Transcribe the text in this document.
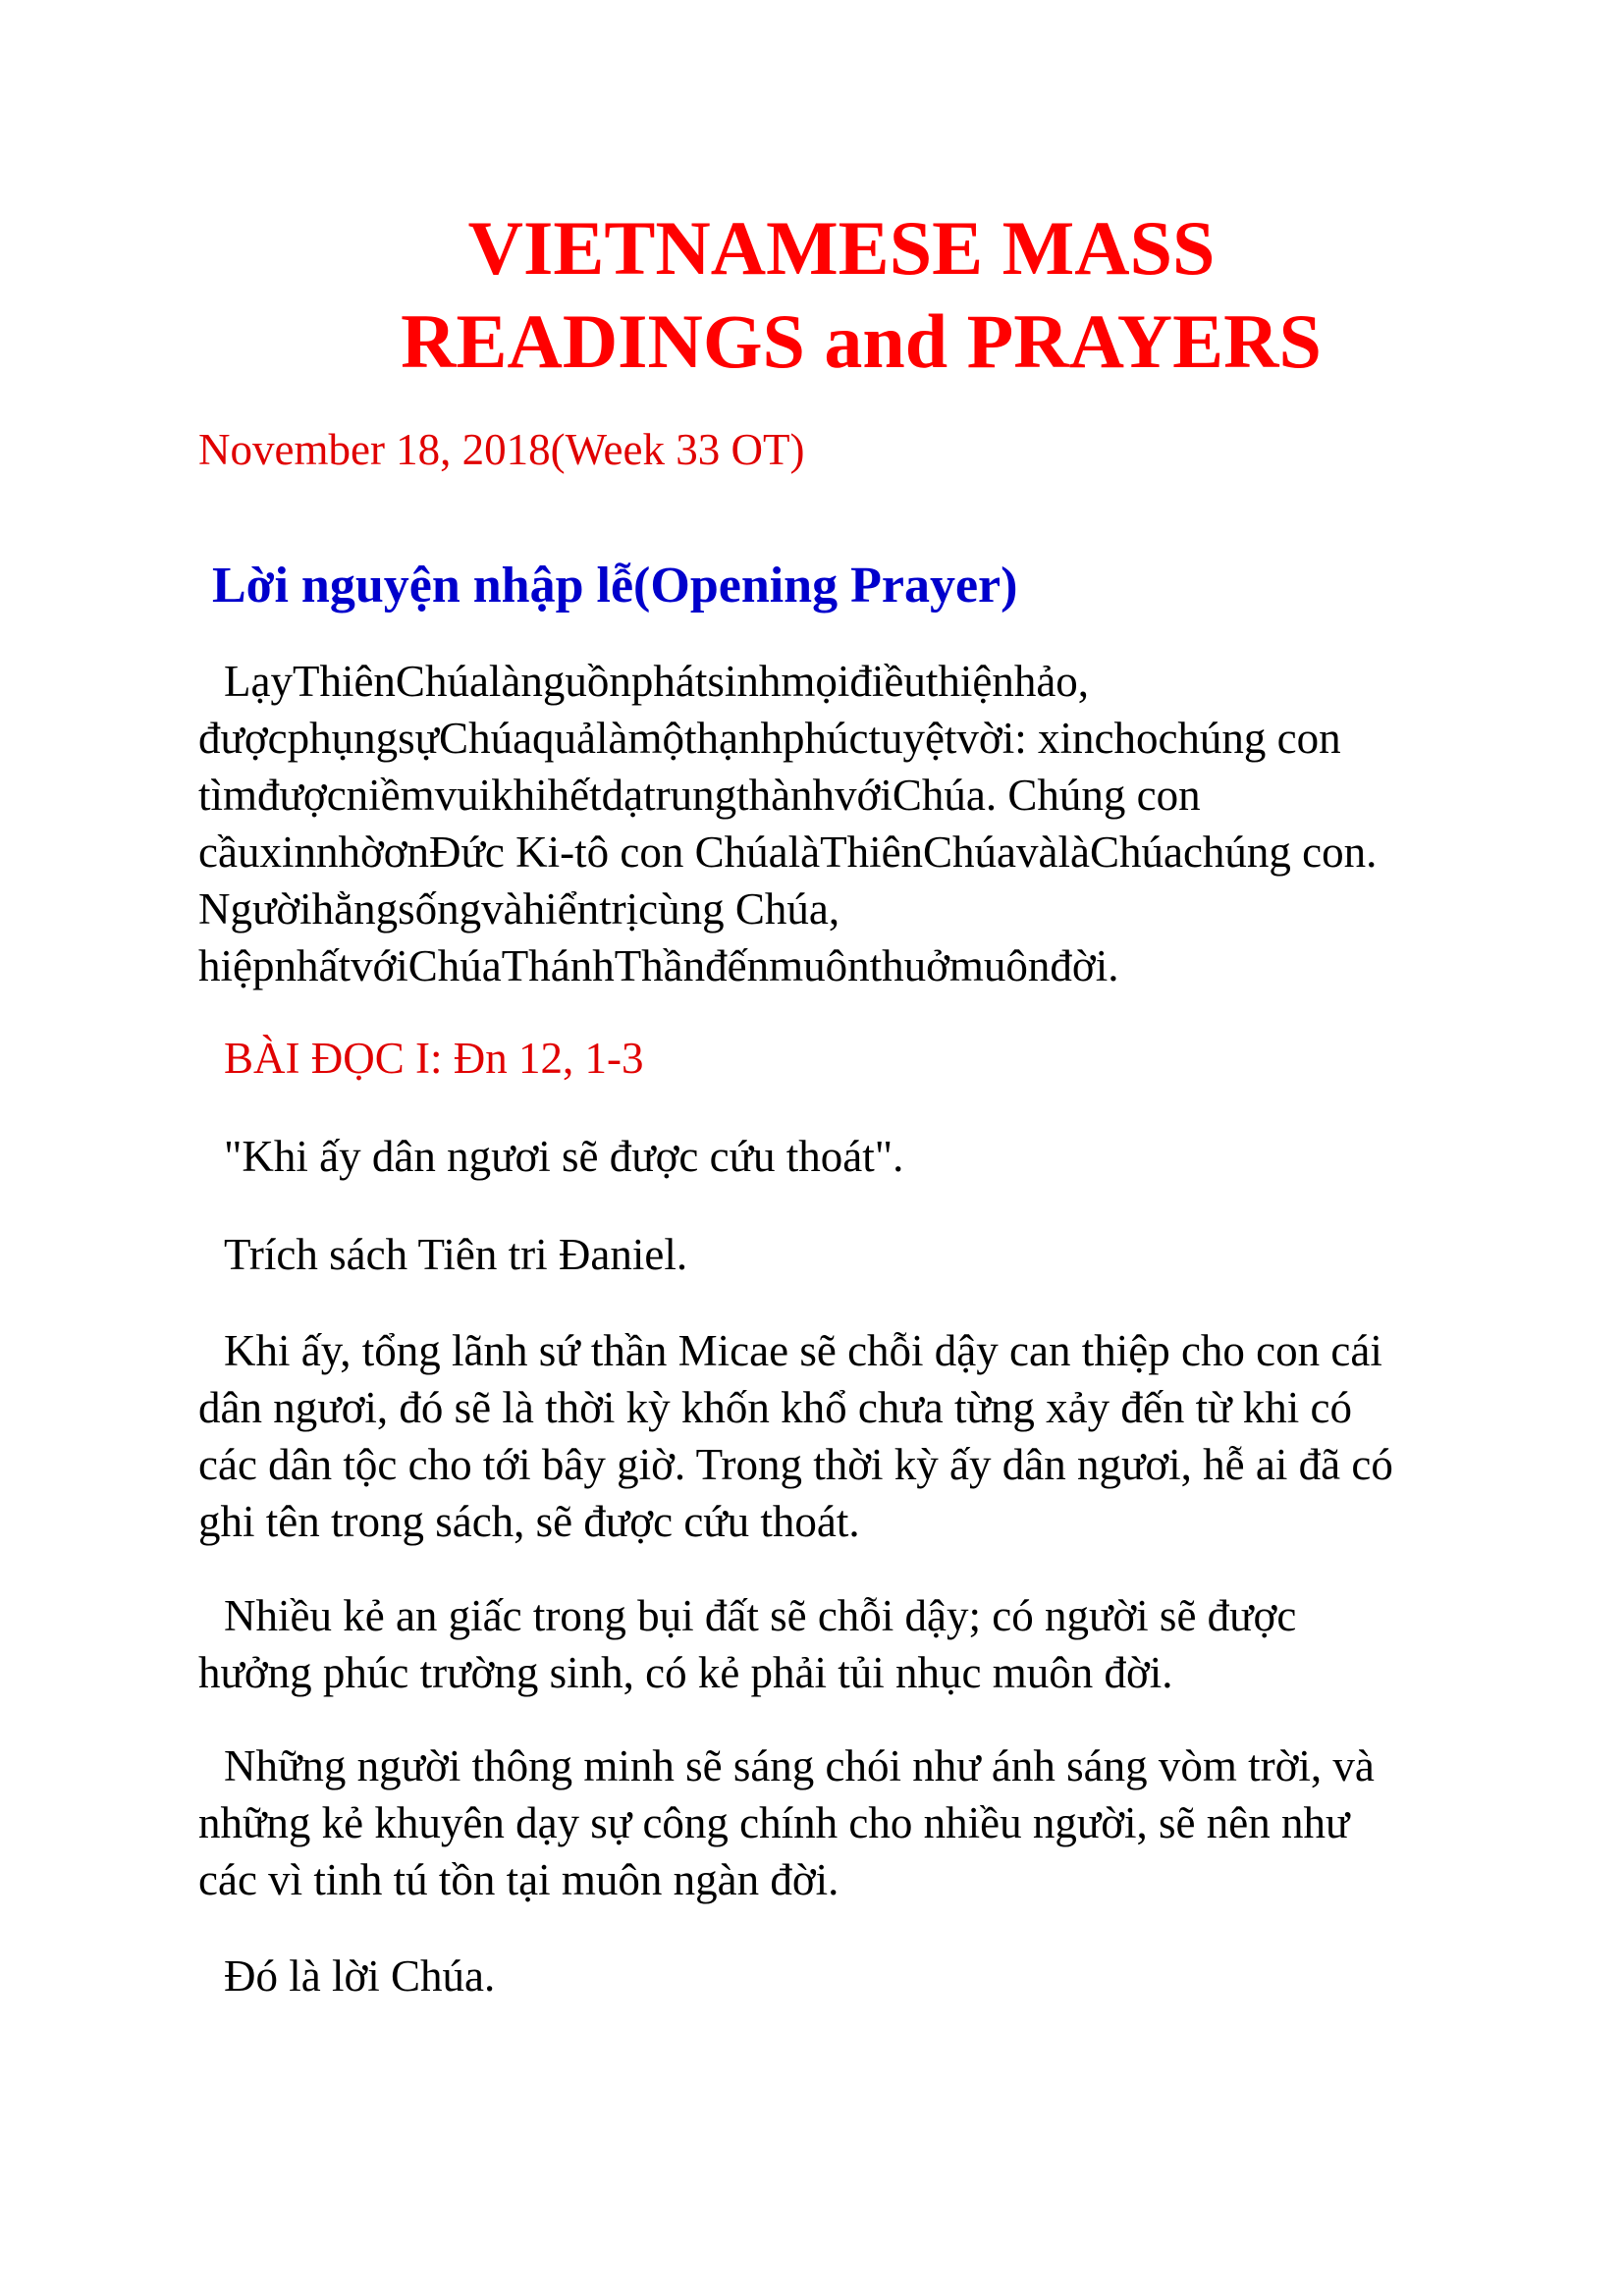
VIETNAMESE MASS
READINGS and PRAYERS
November 18, 2018(Week 33 OT)
Lời nguyện nhập lễ(Opening Prayer)
LạyThiênChúalànguồnphátsinhmọiđiềuthiệnhảo,
đượcphụngsựChúaquảlàmộthạnhphúctuyệtvời: xinchochúng con
tìmđượcniềmvuikhihếtdạtrungthànhvớiChúa. Chúng con
cầuxinnhờơnĐức Ki-tô con ChúalàThiênChúavàlàChúachúng con.
Ngườihằngsốngvàhiểntrịcùng Chúa,
hiệpnhấtvớiChúaThánhThầnđếnmuônthuởmuônđời.
BÀI ĐỌC I: Đn 12, 1-3
"Khi ấy dân ngươi sẽ được cứu thoát".
Trích sách Tiên tri Đaniel.
Khi ấy, tổng lãnh sứ thần Micae sẽ chỗi dậy can thiệp cho con cái
dân ngươi, đó sẽ là thời kỳ khốn khổ chưa từng xảy đến từ khi có
các dân tộc cho tới bây giờ. Trong thời kỳ ấy dân ngươi, hễ ai đã có
ghi tên trong sách, sẽ được cứu thoát.
Nhiều kẻ an giấc trong bụi đất sẽ chỗi dậy; có người sẽ được
hưởng phúc trường sinh, có kẻ phải tủi nhục muôn đời.
Những người thông minh sẽ sáng chói như ánh sáng vòm trời, và
những kẻ khuyên dạy sự công chính cho nhiều người, sẽ nên như
các vì tinh tú tồn tại muôn ngàn đời.
Đó là lời Chúa.
